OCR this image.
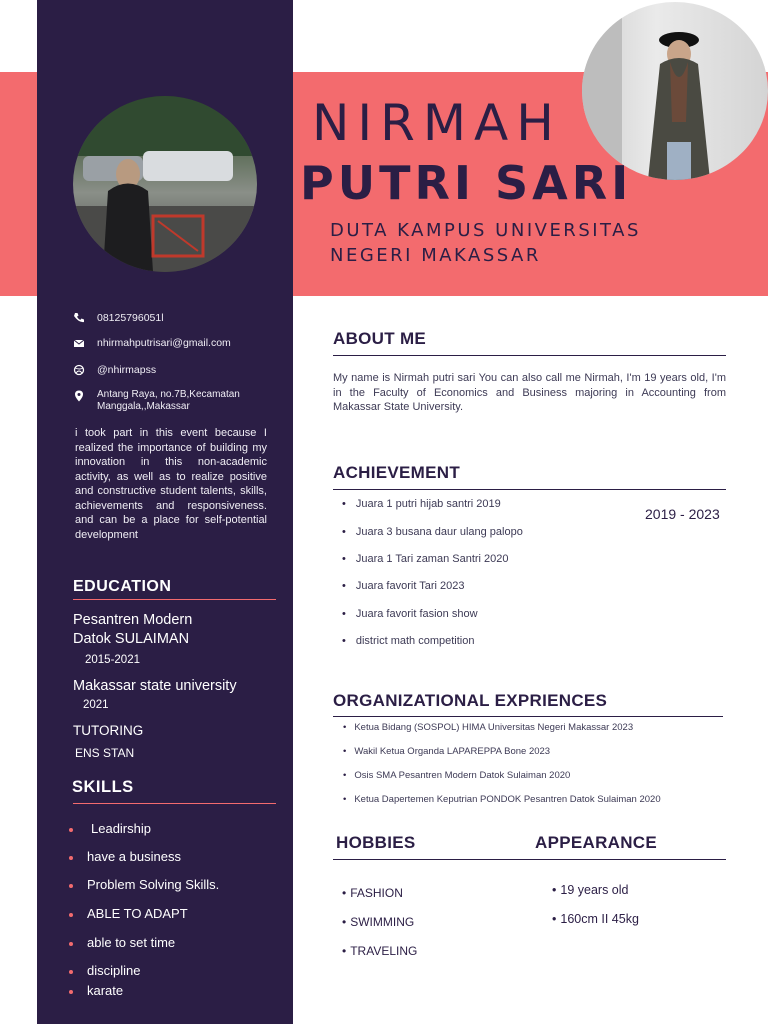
08125796051l
nhirmahputrisari@gmail.com
@nhirmapss
Antang Raya, no.7B,Kecamatan
Manggala,,Makassar
i took part in this event because I realized the importance of building my innovation in this non-academic activity, as well as to realize positive and constructive student talents, skills, achievements and responsiveness. and can be a place for self-potential development
EDUCATION
Pesantren Modern
Datok SULAIMAN
2015-2021
Makassar state university
2021
TUTORING
ENS STAN
SKILLS
Leadirship
have a business
Problem Solving Skills.
ABLE TO ADAPT
able to set time
discipline
karate
NIRMAH
PUTRI SARI
DUTA KAMPUS UNIVERSITAS
NEGERI MAKASSAR
ABOUT ME
My name is Nirmah putri sari You can also call me Nirmah, I'm 19 years old, I'm in the Faculty of Economics and Business majoring in Accounting from Makassar State University.
ACHIEVEMENT
2019 - 2023
• Juara 1 putri hijab santri 2019
• Juara 3 busana daur ulang palopo
• Juara 1 Tari zaman Santri 2020
• Juara favorit Tari 2023
• Juara favorit fasion show
• district math competition
ORGANIZATIONAL EXPRIENCES
• Ketua Bidang (SOSPOL) HIMA Universitas Negeri Makassar 2023
• Wakil Ketua Organda LAPAREPPA Bone 2023
• Osis SMA Pesantren Modern Datok Sulaiman 2020
• Ketua Dapertemen Keputrian PONDOK Pesantren Datok Sulaiman 2020
HOBBIES	APPEARANCE
• FASHION
• SWIMMING
• TRAVELING
• 19 years old
• 160cm II 45kg
